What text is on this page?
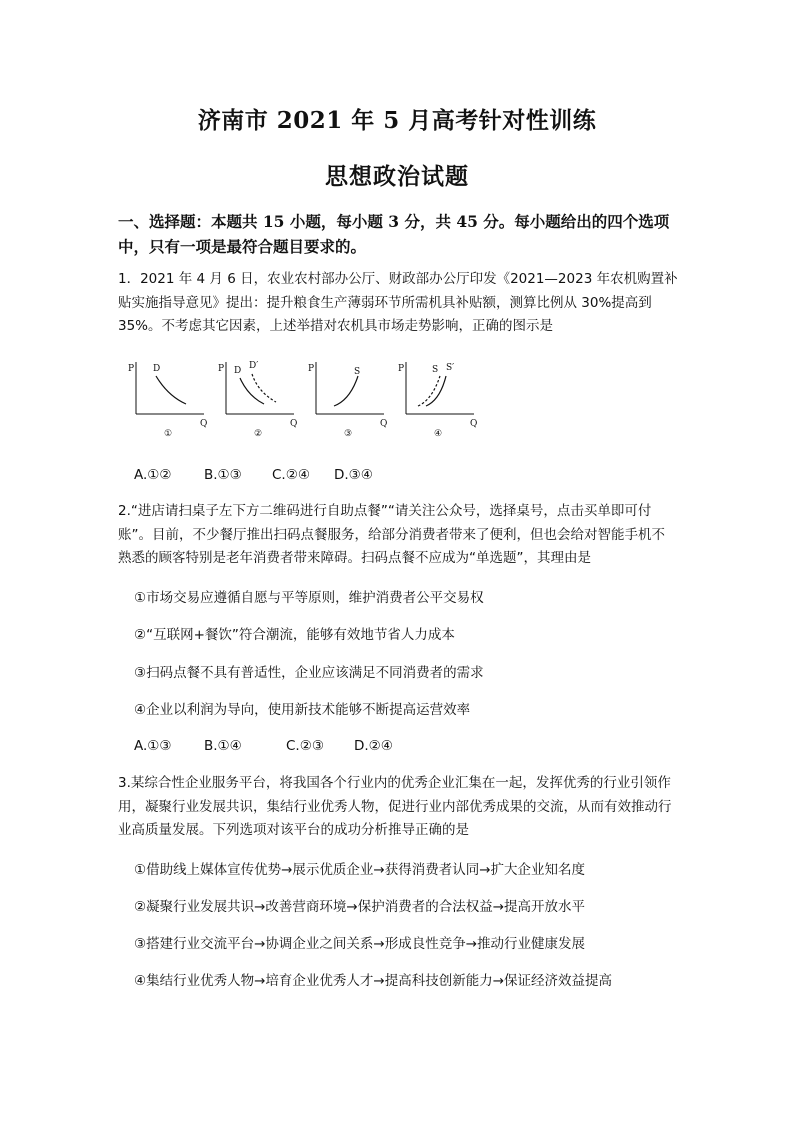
济南市 2021 年 5 月高考针对性训练
思想政治试题
一、选择题：本题共 15 小题，每小题 3 分，共 45 分。每小题给出的四个选项中，只有一项是最符合题目要求的。
1．2021 年 4 月 6 日，农业农村部办公厅、财政部办公厅印发《2021—2023 年农机购置补贴实施指导意见》提出：提升粮食生产薄弱环节所需机具补贴额，测算比例从 30%提高到 35%。不考虑其它因素，上述举措对农机具市场走势影响，正确的图示是
P
Q
D
①
P
Q
D D′
②
P
Q
S
③
P
Q
S S′
④
A.①② B.①③ C.②④ D.③④
2.“进店请扫桌子左下方二维码进行自助点餐”“请关注公众号，选择桌号，点击买单即可付账”。目前，不少餐厅推出扫码点餐服务，给部分消费者带来了便利，但也会给对智能手机不熟悉的顾客特别是老年消费者带来障碍。扫码点餐不应成为“单选题”，其理由是
①市场交易应遵循自愿与平等原则，维护消费者公平交易权
②“互联网+餐饮”符合潮流，能够有效地节省人力成本
③扫码点餐不具有普适性，企业应该满足不同消费者的需求
④企业以利润为导向，使用新技术能够不断提高运营效率
A.①③ B.①④	C.②③ D.②④
3.某综合性企业服务平台，将我国各个行业内的优秀企业汇集在一起，发挥优秀的行业引领作用，凝聚行业发展共识，集结行业优秀人物，促进行业内部优秀成果的交流，从而有效推动行业高质量发展。下列选项对该平台的成功分析推导正确的是
①借助线上媒体宣传优势→展示优质企业→获得消费者认同→扩大企业知名度
②凝聚行业发展共识→改善营商环境→保护消费者的合法权益→提高开放水平
③搭建行业交流平台→协调企业之间关系→形成良性竞争→推动行业健康发展
④集结行业优秀人物→培育企业优秀人才→提高科技创新能力→保证经济效益提高
